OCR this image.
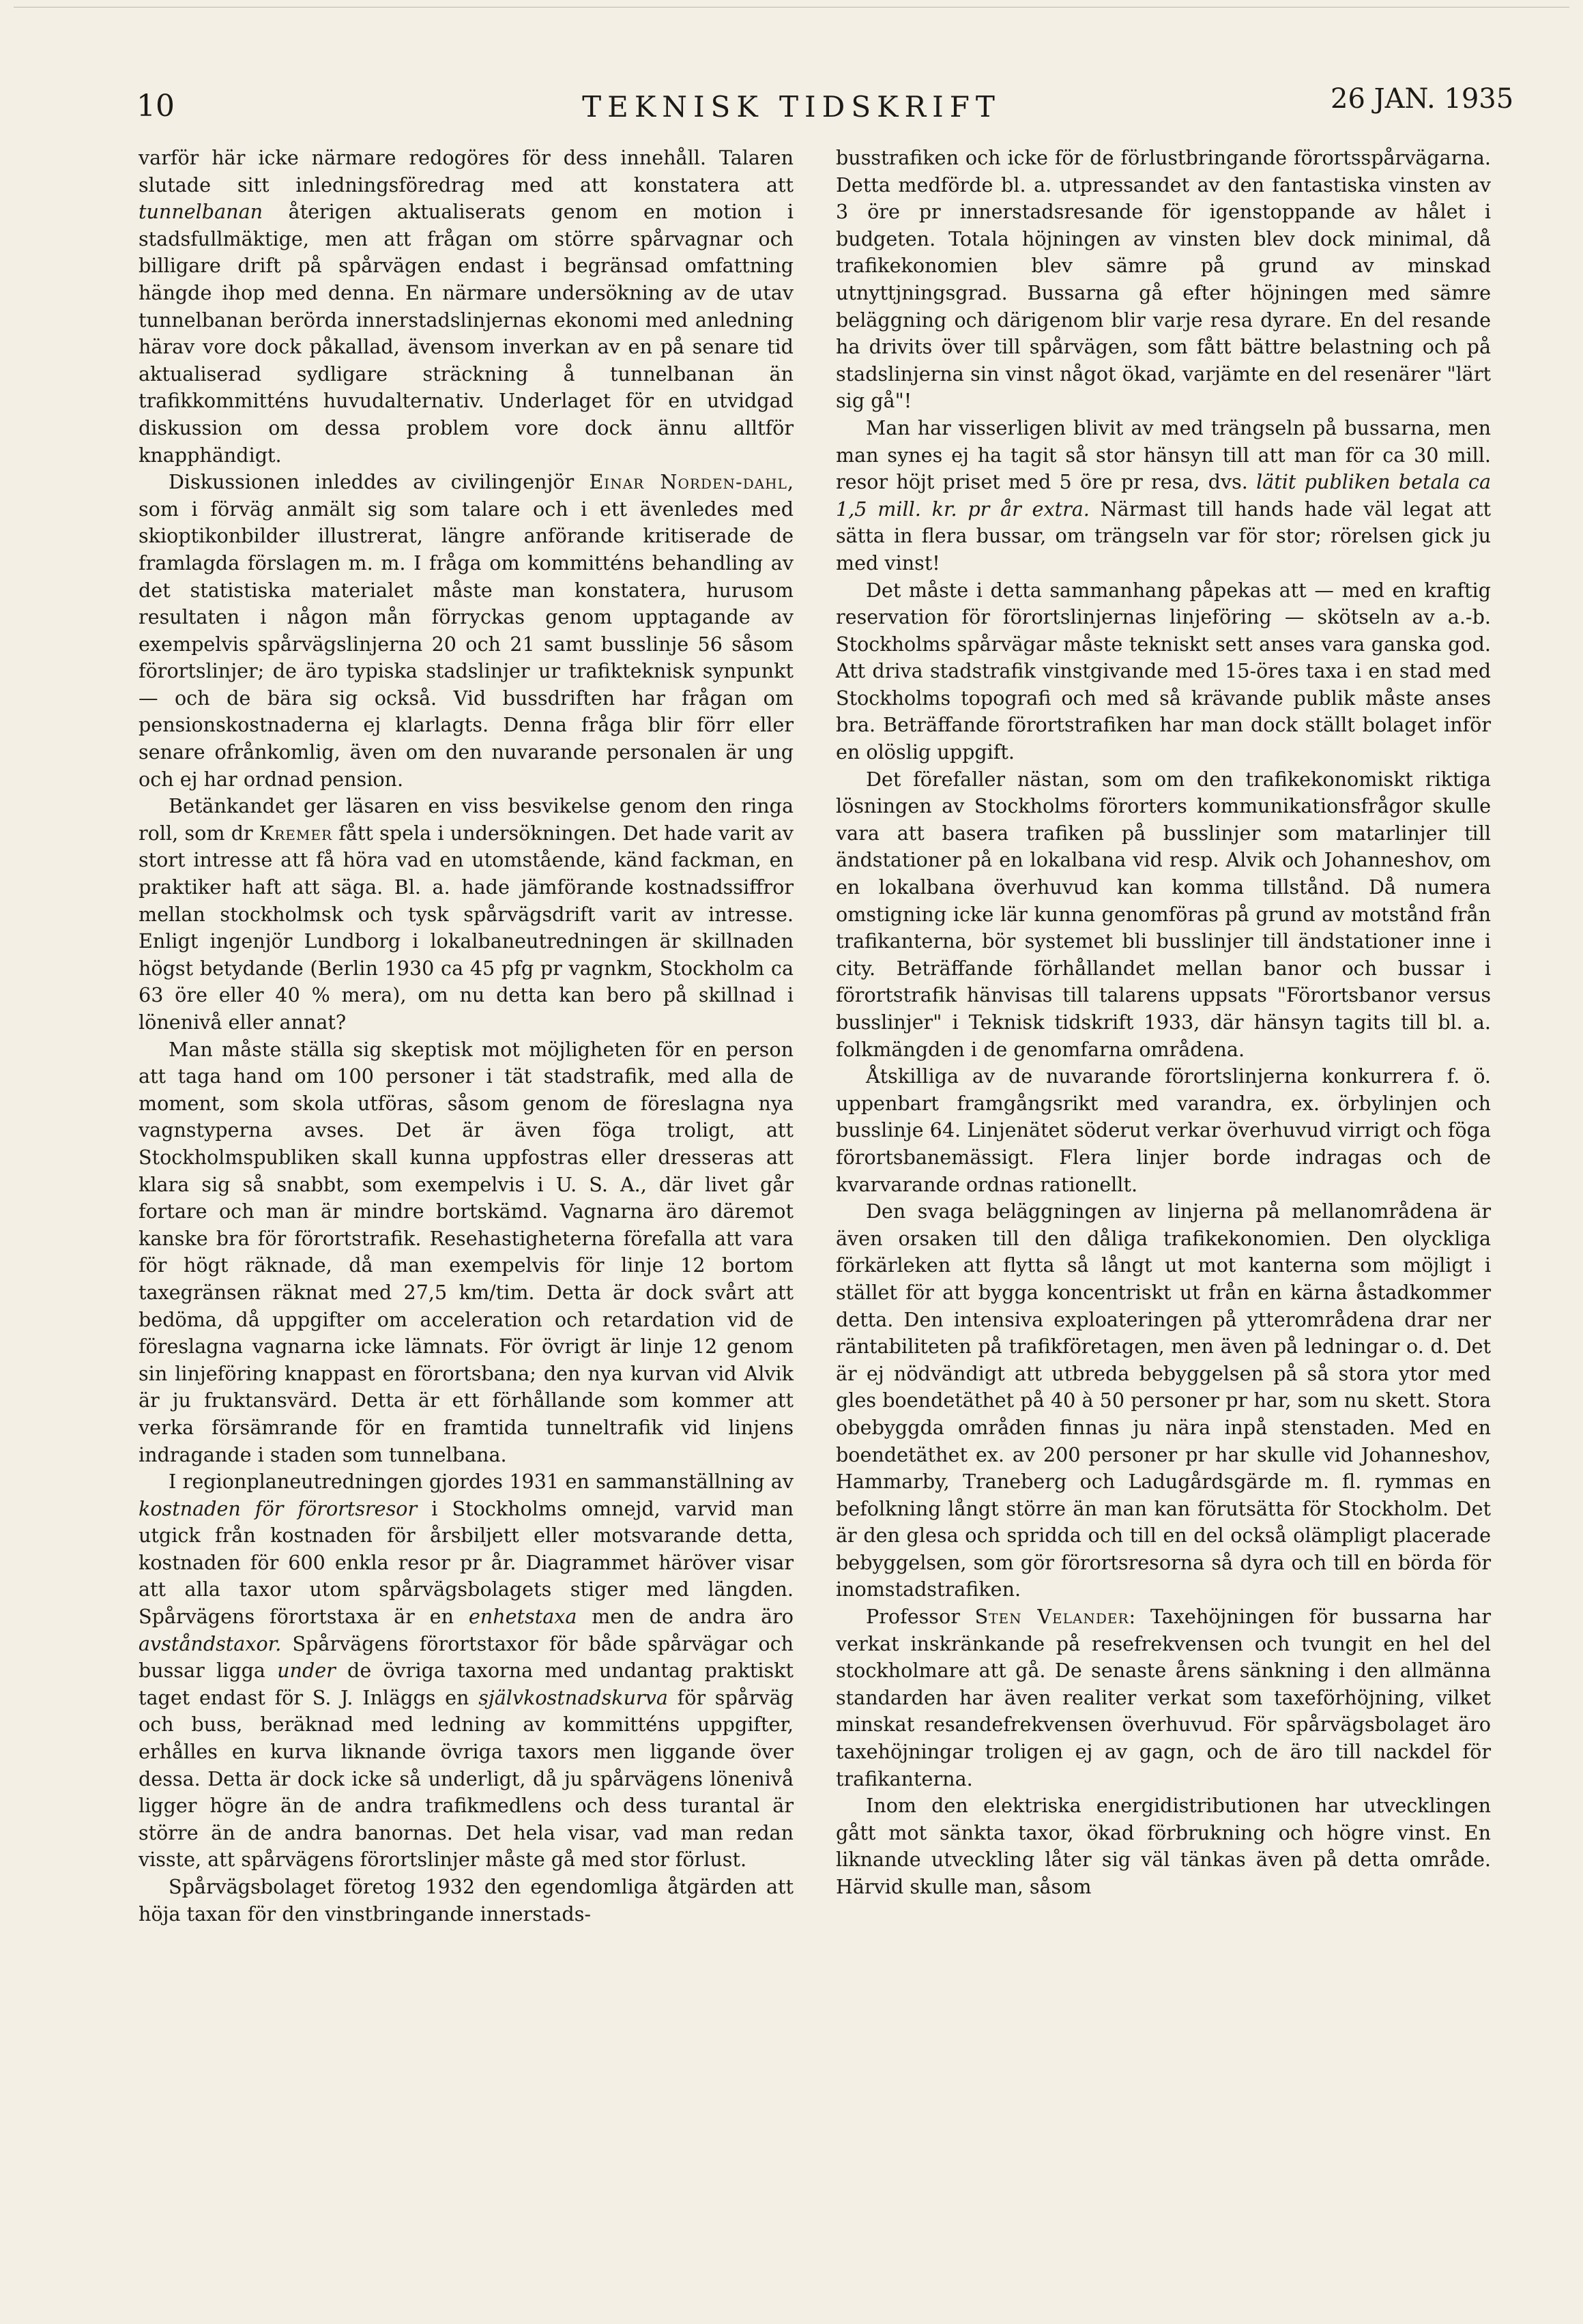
10	TEKNISK TIDSKRIFT	26 JAN. 1935

varför här icke närmare redogöres för dess innehåll. Talaren slutade sitt inledningsföredrag med att konstatera att tunnelbanan återigen aktualiserats genom en motion i stadsfullmäktige, men att frågan om större spårvagnar och billigare drift på spårvägen endast i begränsad omfattning hängde ihop med denna. En närmare undersökning av de utav tunnelbanan berörda innerstadslinjernas ekonomi med anledning härav vore dock påkallad, ävensom inverkan av en på senare tid aktualiserad sydligare sträckning å tunnelbanan än trafikkommitténs huvudalternativ. Underlaget för en utvidgad diskussion om dessa problem vore dock ännu alltför knapphändigt.

Diskussionen inleddes av civilingenjör Einar Norden-dahl, som i förväg anmält sig som talare och i ett ävenledes med skioptikonbilder illustrerat, längre anförande kritiserade de framlagda förslagen m. m. I fråga om kommitténs behandling av det statistiska materialet måste man konstatera, hurusom resultaten i någon mån förryckas genom upptagande av exempelvis spårvägslinjerna 20 och 21 samt busslinje 56 såsom förortslinjer; de äro typiska stadslinjer ur trafikteknisk synpunkt — och de bära sig också. Vid bussdriften har frågan om pensionskostnaderna ej klarlagts. Denna fråga blir förr eller senare ofrånkomlig, även om den nuvarande personalen är ung och ej har ordnad pension.

Betänkandet ger läsaren en viss besvikelse genom den ringa roll, som dr Kremer fått spela i undersökningen. Det hade varit av stort intresse att få höra vad en utomstående, känd fackman, en praktiker haft att säga. Bl. a. hade jämförande kostnadssiffror mellan stockholmsk och tysk spårvägsdrift varit av intresse. Enligt ingenjör Lundborg i lokalbaneutredningen är skillnaden högst betydande (Berlin 1930 ca 45 pfg pr vagnkm, Stockholm ca 63 öre eller 40 % mera), om nu detta kan bero på skillnad i lönenivå eller annat?

Man måste ställa sig skeptisk mot möjligheten för en person att taga hand om 100 personer i tät stadstrafik, med alla de moment, som skola utföras, såsom genom de föreslagna nya vagnstyperna avses. Det är även föga troligt, att Stockholmspubliken skall kunna uppfostras eller dresseras att klara sig så snabbt, som exempelvis i U. S. A., där livet går fortare och man är mindre bortskämd. Vagnarna äro däremot kanske bra för förortstrafik. Resehastigheterna förefalla att vara för högt räknade, då man exempelvis för linje 12 bortom taxegränsen räknat med 27,5 km/tim. Detta är dock svårt att bedöma, då uppgifter om acceleration och retardation vid de föreslagna vagnarna icke lämnats. För övrigt är linje 12 genom sin linjeföring knappast en förortsbana; den nya kurvan vid Alvik är ju fruktansvärd. Detta är ett förhållande som kommer att verka försämrande för en framtida tunneltrafik vid linjens indragande i staden som tunnelbana.

I regionplaneutredningen gjordes 1931 en sammanställning av kostnaden för förortsresor i Stockholms omnejd, varvid man utgick från kostnaden för årsbiljett eller motsvarande detta, kostnaden för 600 enkla resor pr år. Diagrammet häröver visar att alla taxor utom spårvägsbolagets stiger med längden. Spårvägens förortstaxa är en enhetstaxa men de andra äro avståndstaxor. Spårvägens förortstaxor för både spårvägar och bussar ligga under de övriga taxorna med undantag praktiskt taget endast för S. J. Inläggs en självkostnadskurva för spårväg och buss, beräknad med ledning av kommitténs uppgifter, erhålles en kurva liknande övriga taxors men liggande över dessa. Detta är dock icke så underligt, då ju spårvägens lönenivå ligger högre än de andra trafikmedlens och dess turantal är större än de andra banornas. Det hela visar, vad man redan visste, att spårvägens förortslinjer måste gå med stor förlust.

Spårvägsbolaget företog 1932 den egendomliga åtgärden att höja taxan för den vinstbringande innerstads-

busstrafiken och icke för de förlustbringande förortsspårvägarna. Detta medförde bl. a. utpressandet av den fantastiska vinsten av 3 öre pr innerstadsresande för igenstoppande av hålet i budgeten. Totala höjningen av vinsten blev dock minimal, då trafikekonomien blev sämre på grund av minskad utnyttjningsgrad. Bussarna gå efter höjningen med sämre beläggning och därigenom blir varje resa dyrare. En del resande ha drivits över till spårvägen, som fått bättre belastning och på stadslinjerna sin vinst något ökad, varjämte en del resenärer "lärt sig gå"!

Man har visserligen blivit av med trängseln på bussarna, men man synes ej ha tagit så stor hänsyn till att man för ca 30 mill. resor höjt priset med 5 öre pr resa, dvs. lätit publiken betala ca 1,5 mill. kr. pr år extra. Närmast till hands hade väl legat att sätta in flera bussar, om trängseln var för stor; rörelsen gick ju med vinst!

Det måste i detta sammanhang påpekas att — med en kraftig reservation för förortslinjernas linjeföring — skötseln av a.-b. Stockholms spårvägar måste tekniskt sett anses vara ganska god. Att driva stadstrafik vinstgivande med 15-öres taxa i en stad med Stockholms topografi och med så krävande publik måste anses bra. Beträffande förortstrafiken har man dock ställt bolaget inför en olöslig uppgift.

Det förefaller nästan, som om den trafikekonomiskt riktiga lösningen av Stockholms förorters kommunikationsfrågor skulle vara att basera trafiken på busslinjer som matarlinjer till ändstationer på en lokalbana vid resp. Alvik och Johanneshov, om en lokalbana överhuvud kan komma tillstånd. Då numera omstigning icke lär kunna genomföras på grund av motstånd från trafikanterna, bör systemet bli busslinjer till ändstationer inne i city. Beträffande förhållandet mellan banor och bussar i förortstrafik hänvisas till talarens uppsats "Förortsbanor versus busslinjer" i Teknisk tidskrift 1933, där hänsyn tagits till bl. a. folkmängden i de genomfarna områdena.

Åtskilliga av de nuvarande förortslinjerna konkurrera f. ö. uppenbart framgångsrikt med varandra, ex. örbylinjen och busslinje 64. Linjenätet söderut verkar överhuvud virrigt och föga förortsbanemässigt. Flera linjer borde indragas och de kvarvarande ordnas rationellt.

Den svaga beläggningen av linjerna på mellanområdena är även orsaken till den dåliga trafikekonomien. Den olyckliga förkärleken att flytta så långt ut mot kanterna som möjligt i stället för att bygga koncentriskt ut från en kärna åstadkommer detta. Den intensiva exploateringen på ytterområdena drar ner räntabiliteten på trafikföretagen, men även på ledningar o. d. Det är ej nödvändigt att utbreda bebyggelsen på så stora ytor med gles boendetäthet på 40 à 50 personer pr har, som nu skett. Stora obebyggda områden finnas ju nära inpå stenstaden. Med en boendetäthet ex. av 200 personer pr har skulle vid Johanneshov, Hammarby, Traneberg och Ladugårdsgärde m. fl. rymmas en befolkning långt större än man kan förutsätta för Stockholm. Det är den glesa och spridda och till en del också olämpligt placerade bebyggelsen, som gör förortsresorna så dyra och till en börda för inomstadstrafiken.

Professor Sten Velander: Taxehöjningen för bussarna har verkat inskränkande på resefrekvensen och tvungit en hel del stockholmare att gå. De senaste årens sänkning i den allmänna standarden har även realiter verkat som taxeförhöjning, vilket minskat resandefrekvensen överhuvud. För spårvägsbolaget äro taxehöjningar troligen ej av gagn, och de äro till nackdel för trafikanterna.

Inom den elektriska energidistributionen har utvecklingen gått mot sänkta taxor, ökad förbrukning och högre vinst. En liknande utveckling låter sig väl tänkas även på detta område. Härvid skulle man, såsom
